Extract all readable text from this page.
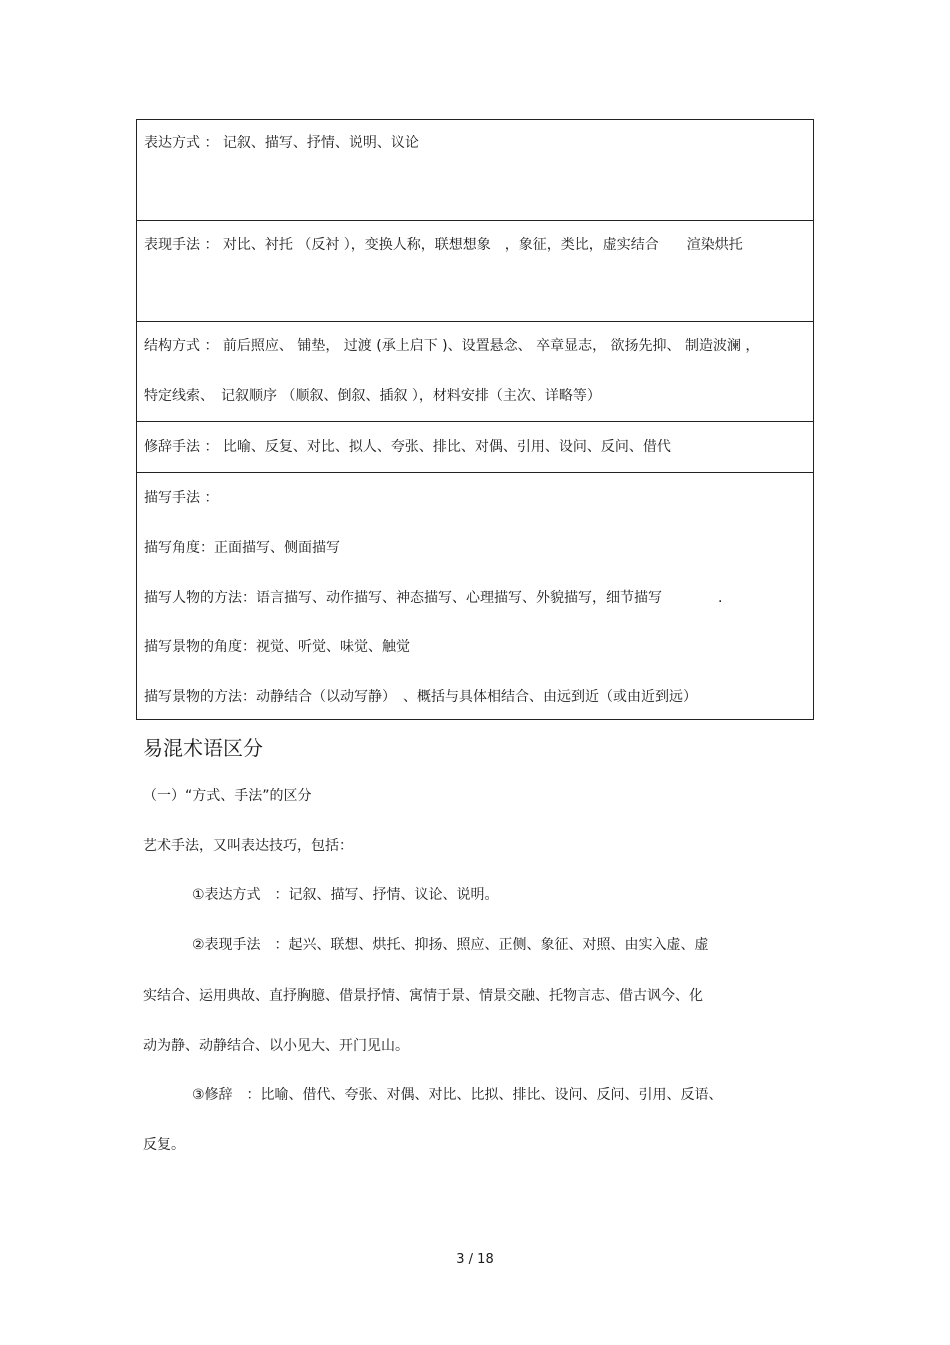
表达方式 ： 记叙、描写、抒情、说明、议论
表现手法 ： 对比、衬托 （反衬 ），变换人称，联想想象　，象征，类比，虚实结合　　渲染烘托
结构方式 ： 前后照应、 铺垫， 过渡 (承上启下 )、设置悬念、 卒章显志， 欲扬先抑、 制造波澜 ，
特定线索、　记叙顺序 （顺叙、倒叙、插叙 ），材料安排（主次、详略等）
修辞手法 ： 比喻、反复、对比、拟人、夸张、排比、对偶、引用、设问、反问、借代
描写手法 ：
描写角度：正面描写、侧面描写
描写人物的方法：语言描写、动作描写、神态描写、心理描写、外貌描写，细节描写　　　　.
描写景物的角度：视觉、听觉、味觉、触觉
描写景物的方法：动静结合（以动写静）　、概括与具体相结合、由远到近（或由近到远）
易混术语区分
（一）“方式、手法”的区分
艺术手法，又叫表达技巧，包括：
①表达方式　：记叙、描写、抒情、议论、说明。
②表现手法　：起兴、联想、烘托、抑扬、照应、正侧、象征、对照、由实入虚、虚
实结合、运用典故、直抒胸臆、借景抒情、寓情于景、情景交融、托物言志、借古讽今、化
动为静、动静结合、以小见大、开门见山。
③修辞　：比喻、借代、夸张、对偶、对比、比拟、排比、设问、反问、引用、反语、
反复。
3 / 18
